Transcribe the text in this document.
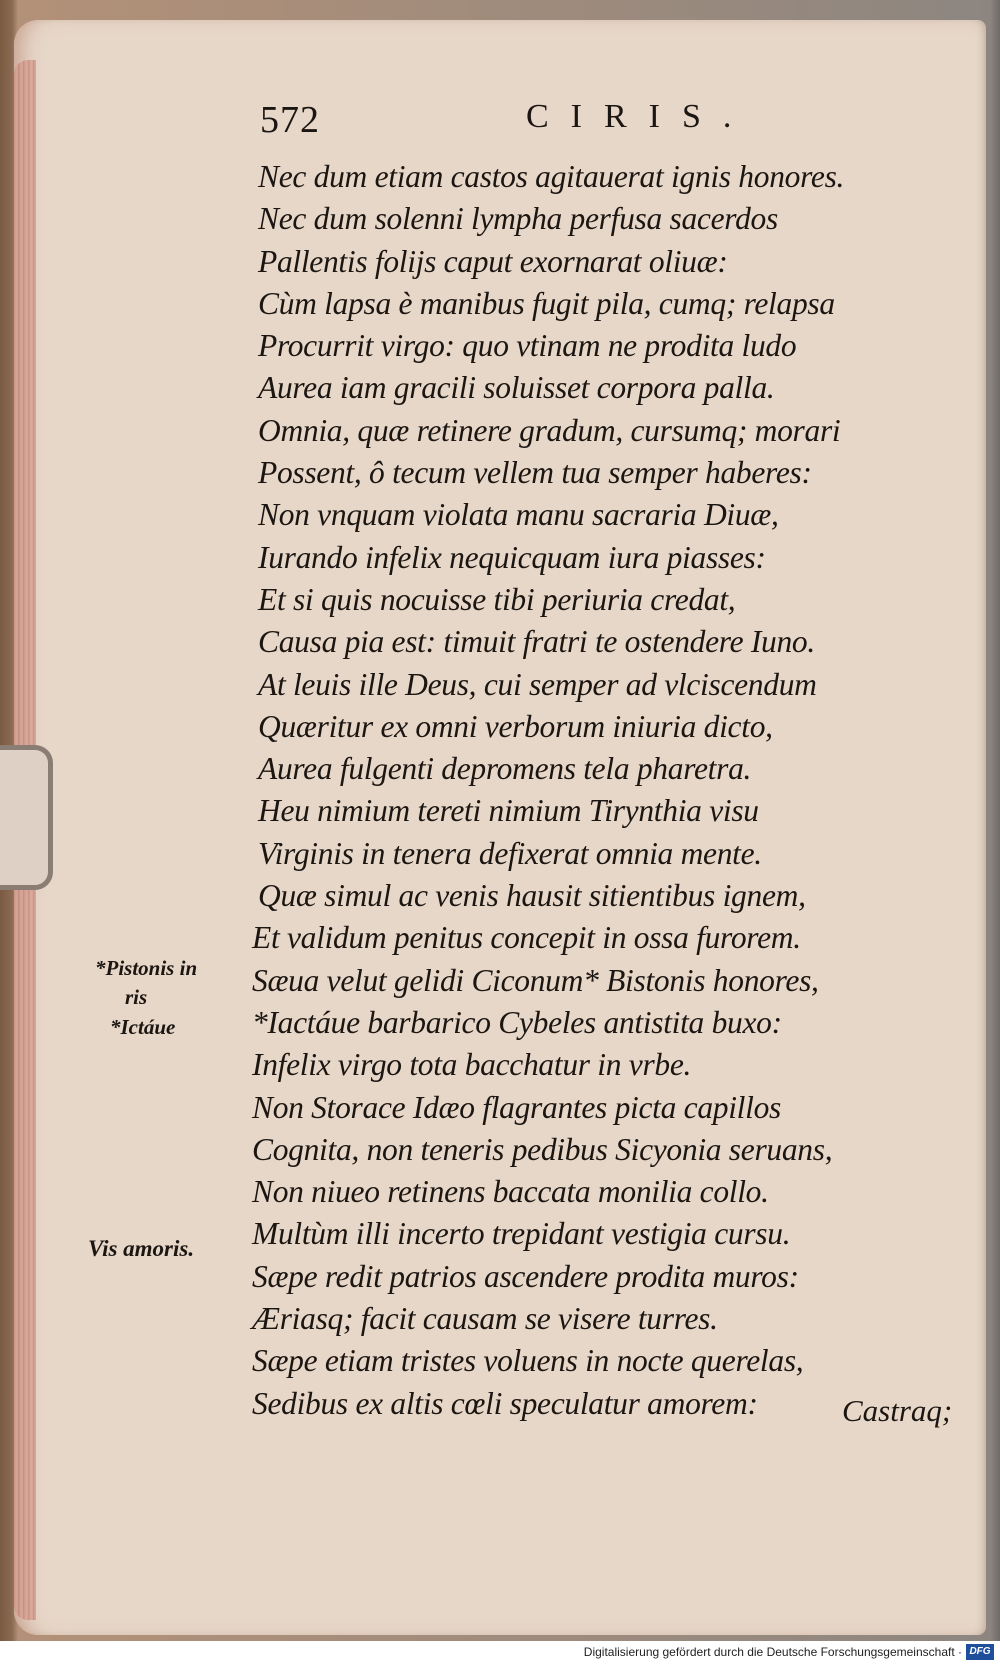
572	CIRIS.
Nec dum etiam castos agitauerat ignis honores.
Nec dum solenni lympha perfusa sacerdos
Pallentis folijs caput exornarat oliuæ:
Cùm lapsa è manibus fugit pila, cumq; relapsa
Procurrit virgo: quo vtinam ne prodita ludo
Aurea iam gracili soluisset corpora palla.
Omnia, quæ retinere gradum, cursumq; morari
Possent, ô tecum vellem tua semper haberes:
Non vnquam violata manu sacraria Diuæ,
Iurando infelix nequicquam iura piasses:
Et si quis nocuisse tibi periuria credat,
Causa pia est: timuit fratri te ostendere Iuno.
At leuis ille Deus, cui semper ad vlciscendum
Quæritur ex omni verborum iniuria dicto,
Aurea fulgenti depromens tela pharetra.
Heu nimium tereti nimium Tirynthia visu
Virginis in tenera defixerat omnia mente.
Quæ simul ac venis hausit sitientibus ignem,
Et validum penitus concepit in ossa furorem.
Sæua velut gelidi Ciconum* Bistonis honores,
*Iactáue barbarico Cybeles antistita buxo:
Infelix virgo tota bacchatur in vrbe.
Non Storace Idæo flagrantes picta capillos
Cognita, non teneris pedibus Sicyonia seruans,
Non niueo retinens baccata monilia collo.
Multùm illi incerto trepidant vestigia cursu.
Sæpe redit patrios ascendere prodita muros:
Æriasq; facit causam se visere turres.
Sæpe etiam tristes voluens in nocte querelas,
Sedibus ex altis cœli speculatur amorem:	Castraq;
*Pistonis in
ris
*Ictáue
Vis amoris.
Digitalisierung gefördert durch die Deutsche Forschungsgemeinschaft · DFG
